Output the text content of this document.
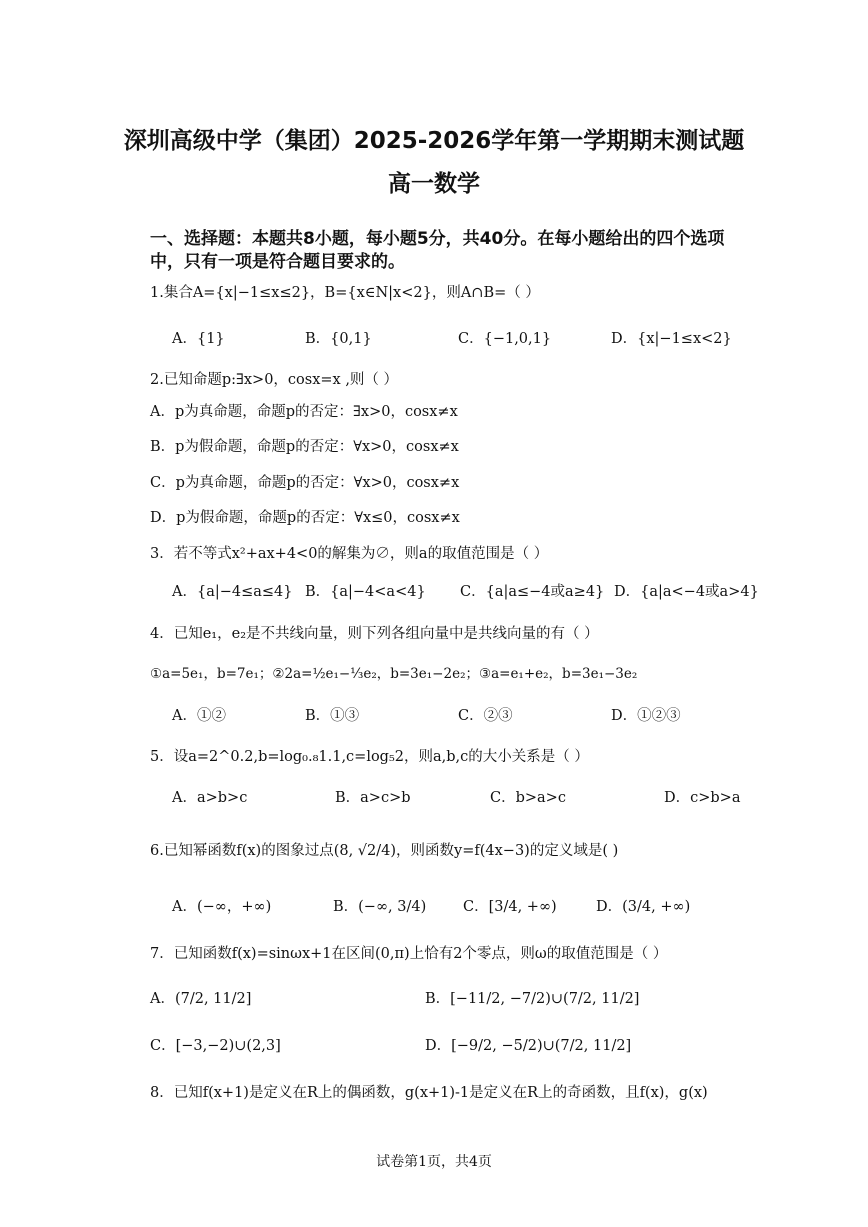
深圳高级中学（集团）2025-2026学年第一学期期末测试题
高一数学
一、选择题：本题共8小题，每小题5分，共40分。在每小题给出的四个选项
中，只有一项是符合题目要求的。
1.集合A={x|−1≤x≤2}，B={x∈N|x<2}，则A∩B=（ ）
A．{1}	B．{0,1}	C．{−1,0,1}	D．{x|−1≤x<2}
2.已知命题p:∃x>0，cosx=x ,则（ ）
A．p为真命题，命题p的否定：∃x>0，cosx≠x
B．p为假命题，命题p的否定：∀x>0，cosx≠x
C．p为真命题，命题p的否定：∀x>0，cosx≠x
D．p为假命题，命题p的否定：∀x≤0，cosx≠x
3．若不等式x²+ax+4<0的解集为∅，则a的取值范围是（ ）
A．{a|−4≤a≤4} B．{a|−4<a<4} C．{a|a≤−4或a≥4} D．{a|a<−4或a>4}
4．已知e₁，e₂是不共线向量，则下列各组向量中是共线向量的有（ ）
①a=5e₁，b=7e₁；②2a=½e₁−⅓e₂，b=3e₁−2e₂；③a=e₁+e₂，b=3e₁−3e₂
A．①②	B．①③	C．②③	D．①②③
5．设a=2^0.2,b=log₀.₈1.1,c=log₅2，则a,b,c的大小关系是（ ）
A．a>b>c	B．a>c>b	C．b>a>c	D．c>b>a
6.已知幂函数f(x)的图象过点(8, √2/4)，则函数y=f(4x−3)的定义域是( )
A．(−∞，+∞)	B．(−∞, 3/4)	C．[3/4, +∞)	D．(3/4, +∞)
7．已知函数f(x)=sinωx+1在区间(0,π)上恰有2个零点，则ω的取值范围是（ ）
A．(7/2, 11/2]	B．[−11/2, −7/2)∪(7/2, 11/2]
C．[−3,−2)∪(2,3]	D．[−9/2, −5/2)∪(7/2, 11/2]
8．已知f(x+1)是定义在R上的偶函数，g(x+1)-1是定义在R上的奇函数，且f(x)，g(x)
试卷第1页，共4页
